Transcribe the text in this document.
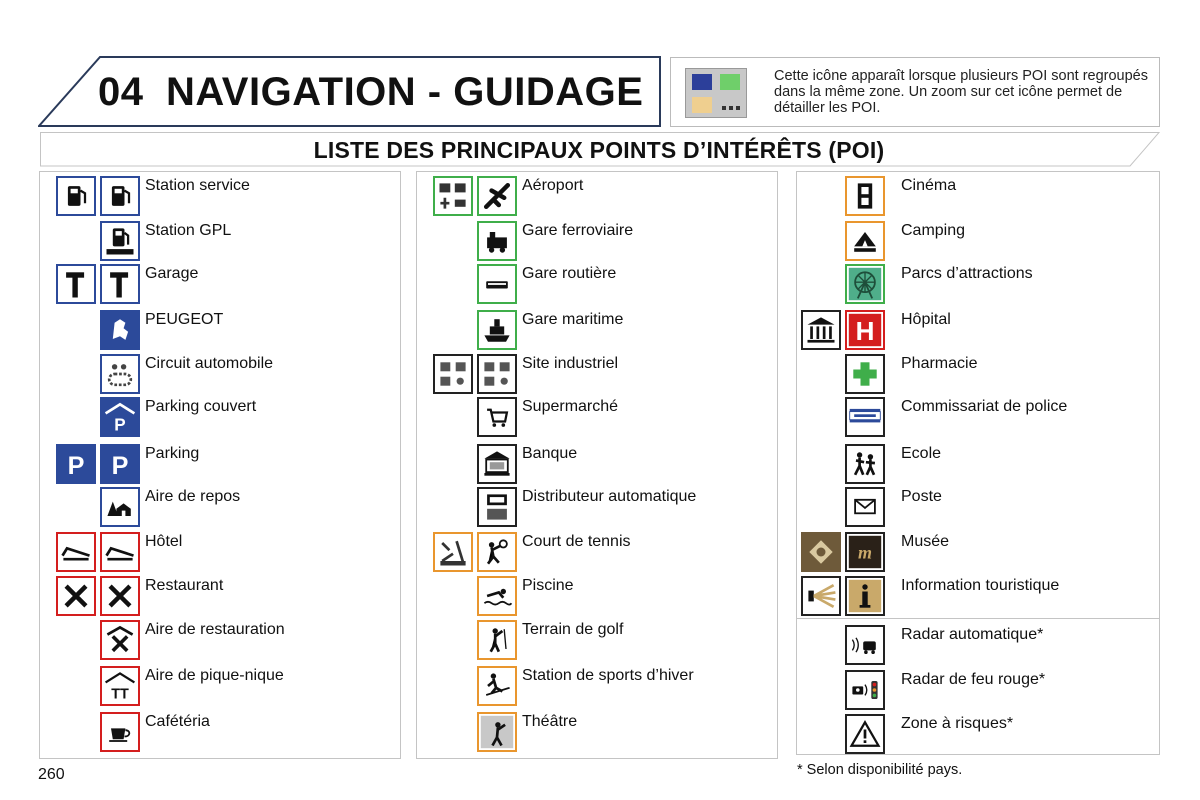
04 NAVIGATION - GUIDAGE	Cette icône apparaît lorsque plusieurs POI sont regroupés dans la même zone. Un zoom sur cet icône permet de détailler les POI.
LISTE DES PRINCIPAUX POINTS D’INTÉRÊTS (POI)
Station service
Station GPL
Garage
PEUGEOT
Circuit automobile
P
Parking couvert
P P Parking
Aire de repos
Hôtel
Restaurant
Aire de restauration
TT
Aire de pique-nique
Cafétéria
Aéroport
Gare ferroviaire
Gare routière
Gare maritime
Site industriel
Supermarché
Banque
Distributeur automatique
Court de tennis
Piscine
Terrain de golf
Station de sports d’hiver
Théâtre
Cinéma
Camping
Parcs d’attractions
H Hôpital
Pharmacie
Commissariat de police
Ecole
Poste
m
Musée
Information touristique
Radar automatique*
Radar de feu rouge*
Zone à risques*
260	* Selon disponibilité pays.
